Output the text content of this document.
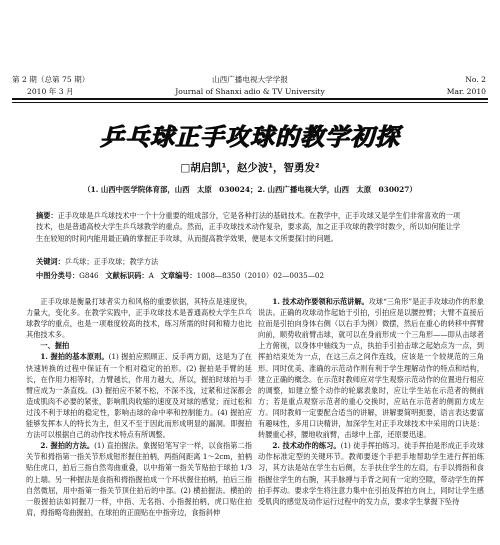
第 2 期（总第 75 期）	山西广播电视大学学报	No. 2
2010 年 3 月	Journal of Shanxi adio & TV University	Mar. 2010
乒乓球正手攻球的教学初探
□胡启凯¹，赵少波¹，智勇发²
（1. 山西中医学院体育部，山西　太原　030024；2. 山西广播电视大学，山西　太原　030027）
摘要：正手攻球是乒乓球技术中一个十分重要的组成部分，它是各种打法的基础技术。在教学中，正手攻球又是学生们非常喜欢的一项技术，也是普通高校大学生乒乓球教学的重点。然而，正手攻球技术动作复杂，要求高，加之正手攻球的教学时数少，所以如何能让学生在较短的时间内能用最正确的掌握正手攻球，从而提高教学效果，便是本文所要探讨的问题。
关键词：乒乓球；正手攻球；教学方法
中图分类号：G846 文献标识码：A 文章编号：1008—8350（2010）02—0035—02

正手攻球是衡量打球者实力和风格的重要依据，其特点是速度快，力量大，变化多。在教学实践中，正手攻球技术是普通高校大学生乒乓球教学的重点，也是一项难度较高的技术，练习所需的时间和精力也比其他技术多。

一、握拍

1. 握拍的基本原则。(1) 握拍应照顾正、反手两方面，这是为了在快速转换的过程中保证有一个相对稳定的拍形。(2) 握拍是手臂的延长，在作用力相等时，力臂越长，作用力越大，所以，握拍时球拍与手臂应成为一条直线。(3) 握拍应不紧不松，不深不浅，过紧和过深都会造成肌肉不必要的紧张，影响肌肉收缩的速度及对球的感觉；而过松和过浅不利于球拍的稳定性，影响击球的命中率和控制能力。(4) 握拍应能够发挥本人的特长为主，但又不至于因此而形成明显的漏洞。即握拍方法可以根据自己的动作技术特点有所调整。

2. 握拍的方法。(1) 直拍握法。象握铅笔写字一样，以食指第二指关节和拇指第一指关节形成钳形握住拍柄，两指间距离 1～2cm，拍柄贴住虎口，拍后三指自然弯曲重叠，以中指第一指关节贴拍于球拍 1/3 的上端。另一种握法是食指和拇指握拍成一个环状握住拍柄，拍后三指自然微屈，用中指第一指关节顶住拍后的中部。(2) 横拍握法。横拍的一般握拍法如同握刀一样，中指、无名指、小指握拍柄，虎口贴住拍肩，拇指略弯曲握拍，在球拍的正面贴在中指旁边，食指斜伸

1. 技术动作要领和示范讲解。攻球“三角形”是正手攻球动作的形象说法。正确的攻球动作起始于引拍，引拍应是以腰控臂；大臂不直接后拉而是引拍向身体右侧（以右手为例）微摆，然后在重心的转移中挥臂向前，顺势收前臂击球，就可以在身前形成一个三角形——即从击球者上方俯视，以身体中轴线为一点，执拍手引拍击球之起始点为一点，到挥拍结束处为一点，在这三点之间作连线，应该是一个较规范的三角形。同时优美、准确的示范动作则有利于学生理解动作的特点和结构，建立正确的概念。在示范时教师应对学生观察示范动作的位置进行相应的调整，如建立整个动作的轮廓表象时，应让学生站在示范者的侧前方；若是重点观察示范者的重心交换时，应站在示范者的侧面方成左方。同时教师一定要配合适当的讲解，讲解要简明扼要，语言表达要富有趣味性，多用口诀精讲，加深学生对正手攻球技术中采用的口诀是：转腰重心移，腰地收前臂，击球中上部，还原要迅速。

2. 技术动作的练习。(1) 徒手挥拍练习。徒手挥拍是形成正手攻球动作标准定型的关键环节。教师要逐个手把手地帮助学生进行挥拍练习，其方法是站在学生右后侧，左手扶住学生的左肩，右手以拇指和食指握住学生的右腕，其手脉搏与手背之间有一定的空隙，带动学生的挥拍手挥动。要求学生将注意力集中在引拍及挥拍方向上，同时让学生感受肌肉的感觉及动作运行过程中的发力点，要求学生掌握下坠待
